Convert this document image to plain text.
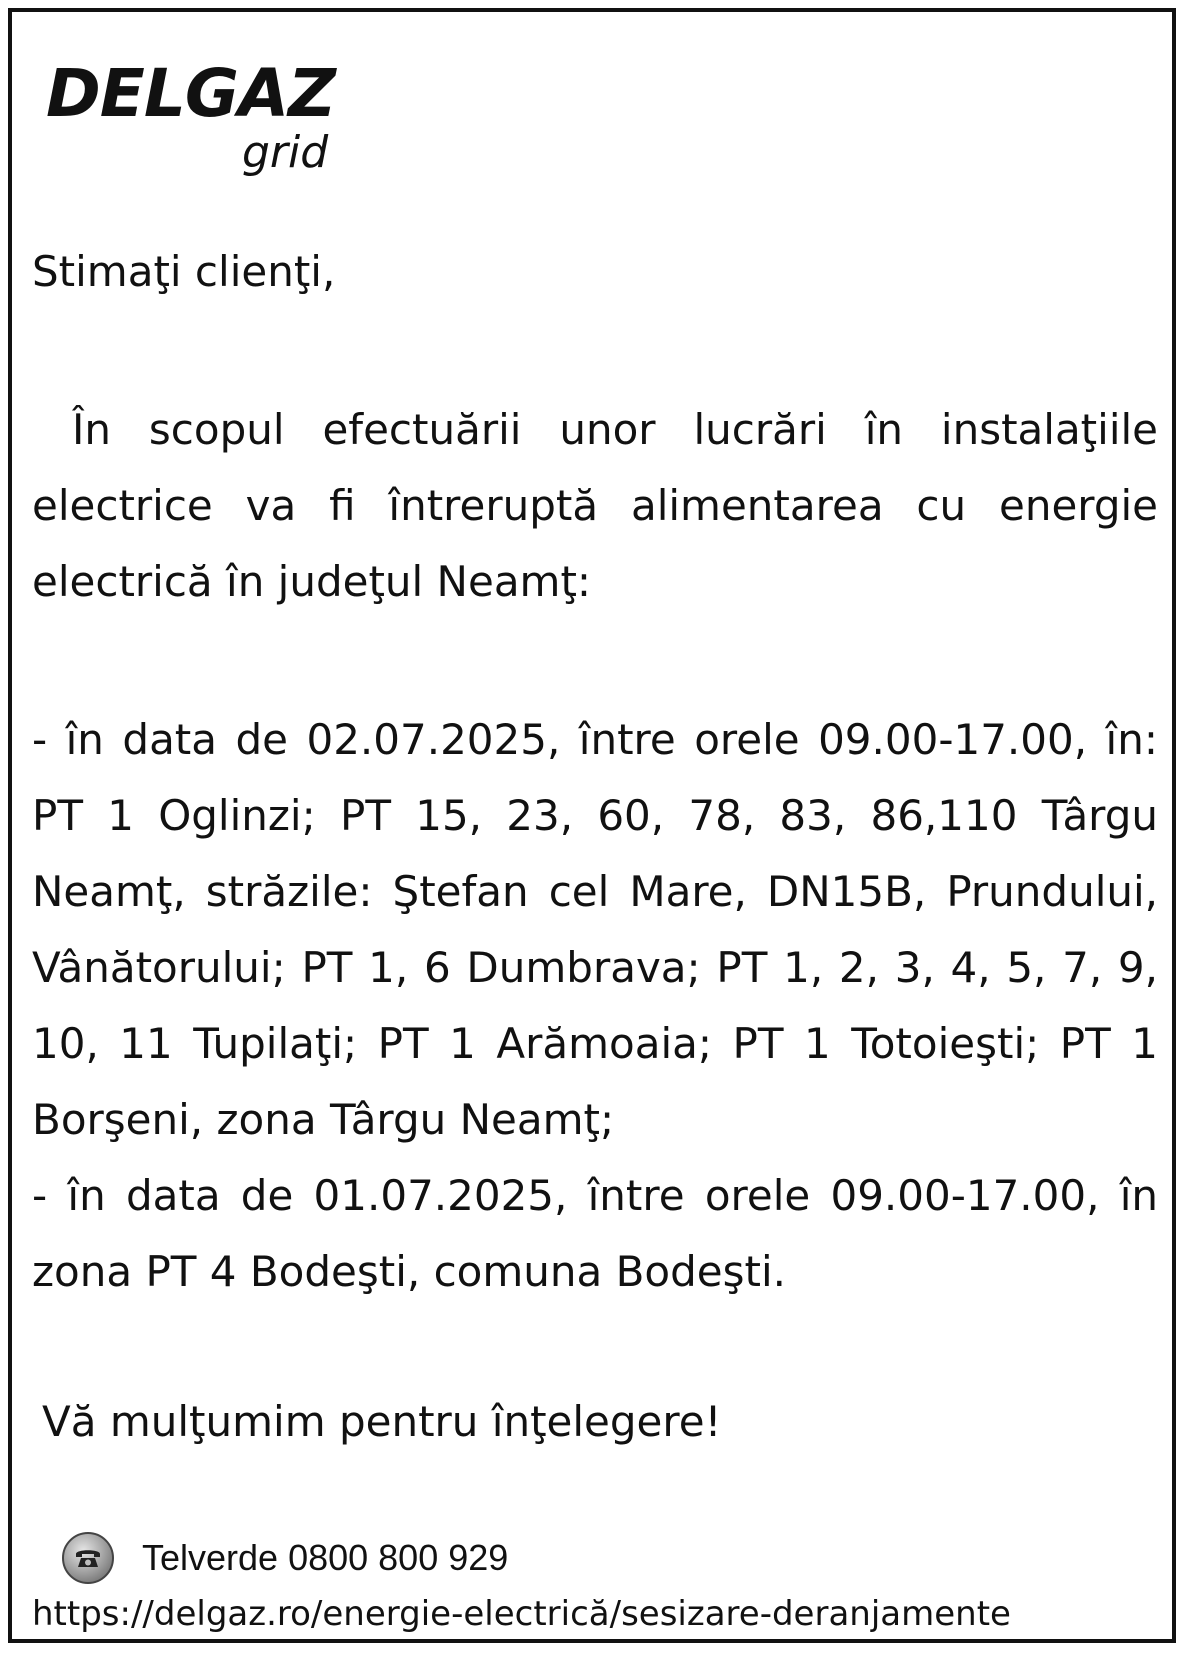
DELGAZ
grid

Stimaţi clienţi,

În scopul efectuării unor lucrări în instalaţiile electrice va fi întreruptă alimentarea cu energie electrică în judeţul Neamţ:

- în data de 02.07.2025, între orele 09.00-17.00, în: PT 1 Oglinzi; PT 15, 23, 60, 78, 83, 86,110 Târgu Neamţ, străzile: Ştefan cel Mare, DN15B, Prundului, Vânătorului; PT 1, 6 Dumbrava; PT 1, 2, 3, 4, 5, 7, 9, 10, 11 Tupilaţi; PT 1 Arămoaia; PT 1 Totoieşti; PT 1 Borşeni, zona Târgu Neamţ;
- în data de 01.07.2025, între orele 09.00-17.00, în zona PT 4 Bodeşti, comuna Bodeşti.

Vă mulţumim pentru înţelegere!

Telverde 0800 800 929
https://delgaz.ro/energie-electrică/sesizare-deranjamente
